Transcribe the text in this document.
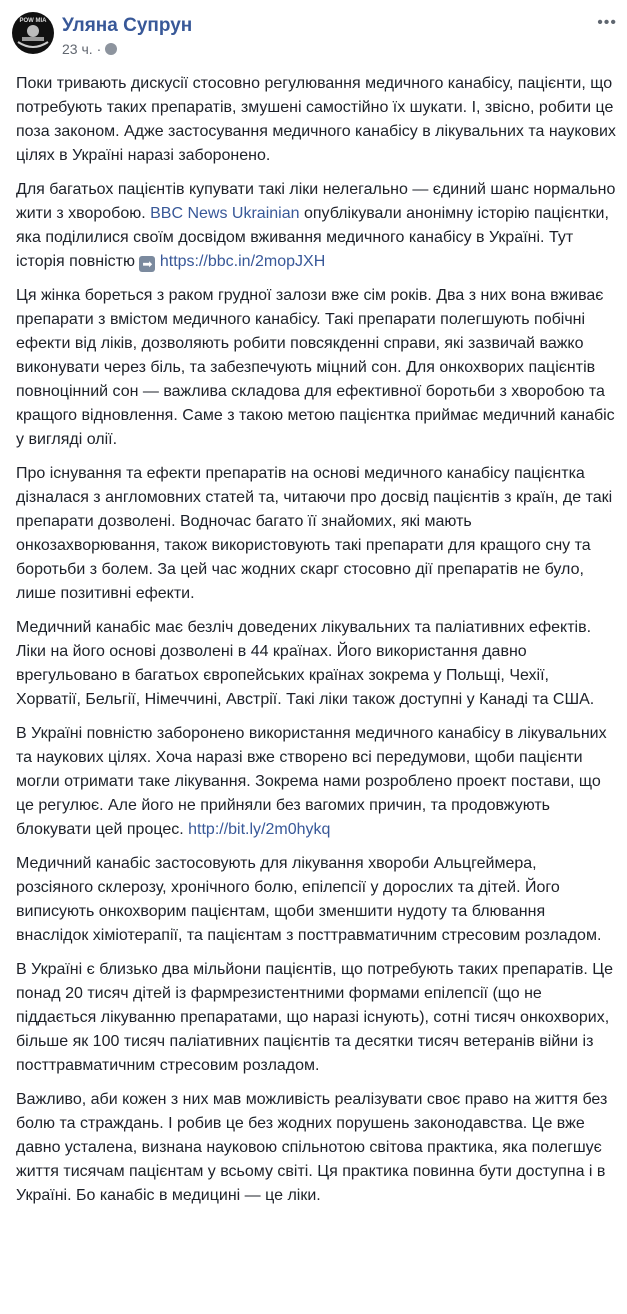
POW MIA Уляна Супрун
23 ч. ·
•••

Поки тривають дискусії стосовно регулювання медичного канабісу, пацієнти, що потребують таких препаратів, змушені самостійно їх шукати. І, звісно, робити це поза законом. Адже застосування медичного канабісу в лікувальних та наукових цілях в Україні наразі заборонено.

Для багатьох пацієнтів купувати такі ліки нелегально — єдиний шанс нормально жити з хворобою. BBC News Ukrainian опублікували анонімну історію пацієнтки, яка поділилися своїм досвідом вживання медичного канабісу в Україні. Тут історія повністю ➡ https://bbc.in/2mopJXH

Ця жінка бореться з раком грудної залози вже сім років. Два з них вона вживає препарати з вмістом медичного канабісу. Такі препарати полегшують побічні ефекти від ліків, дозволяють робити повсякденні справи, які зазвичай важко виконувати через біль, та забезпечують міцний сон. Для онкохворих пацієнтів повноцінний сон — важлива складова для ефективної боротьби з хворобою та кращого відновлення. Саме з такою метою пацієнтка приймає медичний канабіс у вигляді олії.

Про існування та ефекти препаратів на основі медичного канабісу пацієнтка дізналася з англомовних статей та, читаючи про досвід пацієнтів з країн, де такі препарати дозволені. Водночас багато її знайомих, які мають онкозахворювання, також використовують такі препарати для кращого сну та боротьби з болем. За цей час жодних скарг стосовно дії препаратів не було, лише позитивні ефекти.

Медичний канабіс має безліч доведених лікувальних та паліативних ефектів. Ліки на його основі дозволені в 44 країнах. Його використання давно врегульовано в багатьох європейських країнах зокрема у Польщі, Чехії, Хорватії, Бельгії, Німеччині, Австрії. Такі ліки також доступні у Канаді та США.

В Україні повністю заборонено використання медичного канабісу в лікувальних та наукових цілях. Хоча наразі вже створено всі передумови, щоби пацієнти могли отримати таке лікування. Зокрема нами розроблено проект постави, що це регулює. Але його не прийняли без вагомих причин, та продовжують блокувати цей процес. http://bit.ly/2m0hykq

Медичний канабіс застосовують для лікування хвороби Альцгеймера, розсіяного склерозу, хронічного болю, епілепсії у дорослих та дітей. Його виписують онкохворим пацієнтам, щоби зменшити нудоту та блювання внаслідок хіміотерапії, та пацієнтам з посттравматичним стресовим розладом.

В Україні є близько два мільйони пацієнтів, що потребують таких препаратів. Це понад 20 тисяч дітей із фармрезистентними формами епілепсії (що не піддається лікуванню препаратами, що наразі існують), сотні тисяч онкохворих, більше як 100 тисяч паліативних пацієнтів та десятки тисяч ветеранів війни із посттравматичним стресовим розладом.

Важливо, аби кожен з них мав можливість реалізувати своє право на життя без болю та страждань. І робив це без жодних порушень законодавства. Це вже давно усталена, визнана науковою спільнотою світова практика, яка полегшує життя тисячам пацієнтам у всьому світі. Ця практика повинна бути доступна і в Україні. Бо канабіс в медицині — це ліки.
